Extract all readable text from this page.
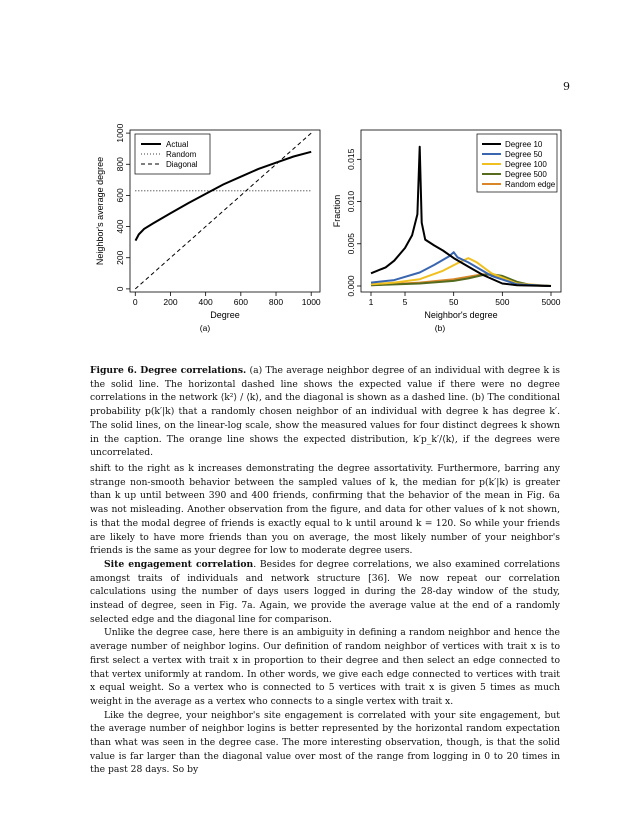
9
0	200 400 600 800 1000
0
200
400
600
800
1000
Degree
Neighbor's average degree
Actual
Random
Diagonal
1	5	50	500	5000
0.000
0.005
0.010
0.015
Neighbor's degree
Fraction
Degree 10
Degree 50
Degree 100
Degree 500
Random edge
(a)	(b)
Figure 6. Degree correlations. (a) The average neighbor degree of an individual with degree k is the solid line. The horizontal dashed line shows the expected value if there were no degree correlations in the network ⟨k²⟩ / ⟨k⟩, and the diagonal is shown as a dashed line. (b) The conditional probability p(k′|k) that a randomly chosen neighbor of an individual with degree k has degree k′. The solid lines, on the linear-log scale, show the measured values for four distinct degrees k shown in the caption. The orange line shows the expected distribution, k′p_k′/⟨k⟩, if the degrees were uncorrelated.

shift to the right as k increases demonstrating the degree assortativity. Furthermore, barring any strange non-smooth behavior between the sampled values of k, the median for p(k′|k) is greater than k up until between 390 and 400 friends, confirming that the behavior of the mean in Fig. 6a was not misleading. Another observation from the figure, and data for other values of k not shown, is that the modal degree of friends is exactly equal to k until around k = 120. So while your friends are likely to have more friends than you on average, the most likely number of your neighbor's friends is the same as your degree for low to moderate degree users.

Site engagement correlation. Besides for degree correlations, we also examined correlations amongst traits of individuals and network structure [36]. We now repeat our correlation calculations using the number of days users logged in during the 28-day window of the study, instead of degree, seen in Fig. 7a. Again, we provide the average value at the end of a randomly selected edge and the diagonal line for comparison.

Unlike the degree case, here there is an ambiguity in defining a random neighbor and hence the average number of neighbor logins. Our definition of random neighbor of vertices with trait x is to first select a vertex with trait x in proportion to their degree and then select an edge connected to that vertex uniformly at random. In other words, we give each edge connected to vertices with trait x equal weight. So a vertex who is connected to 5 vertices with trait x is given 5 times as much weight in the average as a vertex who connects to a single vertex with trait x.

Like the degree, your neighbor's site engagement is correlated with your site engagement, but the average number of neighbor logins is better represented by the horizontal random expectation than what was seen in the degree case. The more interesting observation, though, is that the solid value is far larger than the diagonal value over most of the range from logging in 0 to 20 times in the past 28 days. So by
